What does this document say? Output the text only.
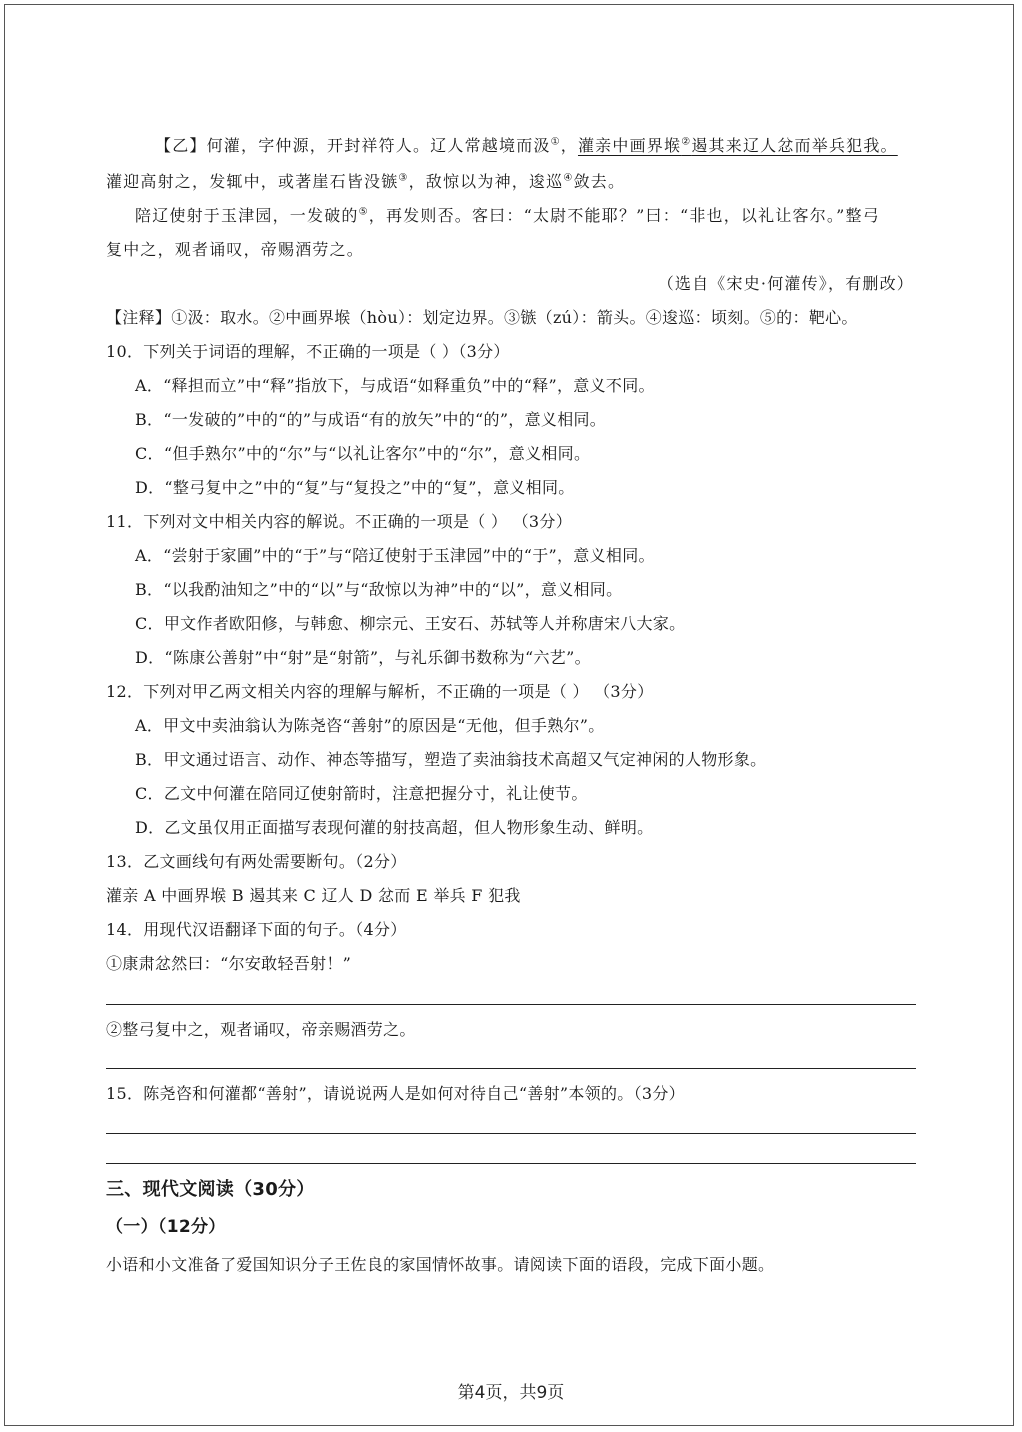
【乙】何灌，字仲源，开封祥符人。辽人常越境而汲①，灌亲中画界堠②遏其来辽人忿而举兵犯我。
灌迎高射之，发辄中，或著崖石皆没镞③，敌惊以为神，逡巡④敛去。
陪辽使射于玉津园，一发破的⑤，再发则否。客曰：“太尉不能耶？”曰：“非也，以礼让客尔。”整弓
复中之，观者诵叹，帝赐酒劳之。
（选自《宋史·何灌传》，有删改）
【注释】①汲：取水。②中画界堠（hòu）：划定边界。③镞（zú）：箭头。④逡巡：顷刻。⑤的：靶心。
10．下列关于词语的理解，不正确的一项是（ ）（3分）
A．“释担而立”中“释”指放下，与成语“如释重负”中的“释”，意义不同。
B．“一发破的”中的“的”与成语“有的放矢”中的“的”，意义相同。
C．“但手熟尔”中的“尔”与“以礼让客尔”中的“尔”，意义相同。
D．“整弓复中之”中的“复”与“复投之”中的“复”，意义相同。
11．下列对文中相关内容的解说。不正确的一项是（ ） （3分）
A．“尝射于家圃”中的“于”与“陪辽使射于玉津园”中的“于”，意义相同。
B．“以我酌油知之”中的“以”与“敌惊以为神”中的“以”，意义相同。
C．甲文作者欧阳修，与韩愈、柳宗元、王安石、苏轼等人并称唐宋八大家。
D．“陈康公善射”中“射”是“射箭”，与礼乐御书数称为“六艺”。
12．下列对甲乙两文相关内容的理解与解析，不正确的一项是（ ） （3分）
A．甲文中卖油翁认为陈尧咨“善射”的原因是“无他，但手熟尔”。
B．甲文通过语言、动作、神态等描写，塑造了卖油翁技术高超又气定神闲的人物形象。
C．乙文中何灌在陪同辽使射箭时，注意把握分寸，礼让使节。
D．乙文虽仅用正面描写表现何灌的射技高超，但人物形象生动、鲜明。
13．乙文画线句有两处需要断句。（2分）
灌亲 A 中画界堠 B 遏其来 C 辽人 D 忿而 E 举兵 F 犯我
14．用现代汉语翻译下面的句子。（4分）
①康肃忿然曰：“尔安敢轻吾射！”
②整弓复中之，观者诵叹，帝亲赐酒劳之。
15．陈尧咨和何灌都“善射”，请说说两人是如何对待自己“善射”本领的。（3分）
三、现代文阅读（30分）
（一）（12分）
小语和小文准备了爱国知识分子王佐良的家国情怀故事。请阅读下面的语段，完成下面小题。
第4页，共9页
